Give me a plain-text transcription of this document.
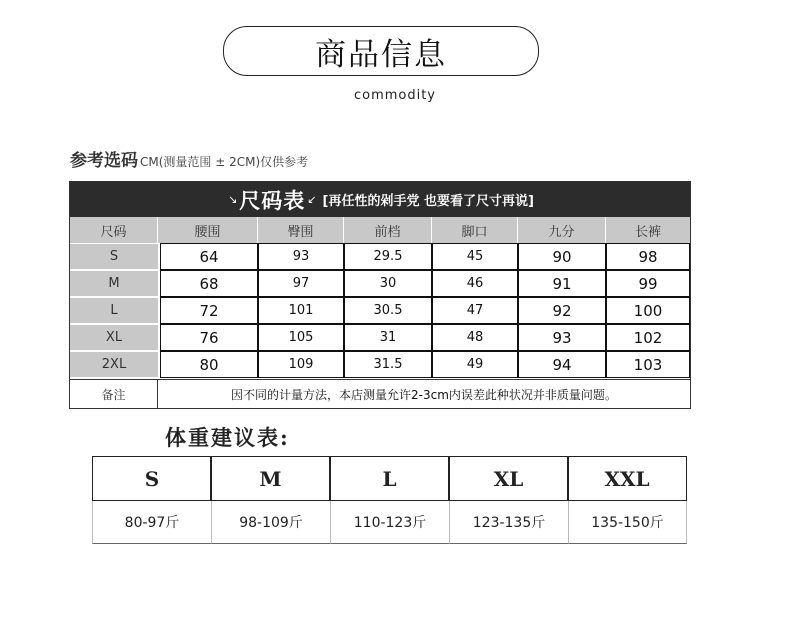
商品信息
commodity
参考选码 CM(测量范围 ± 2CM)仅供参考
↘ 尺码表 ↙ [再任性的剁手党 也要看了尺寸再说]
尺码	腰围	臀围	前档	脚口	九分	长裤
S	64	93	29.5	45	90	98
M	68	97	30	46	91	99
L	72	101	30.5	47	92	100
XL	76	105	31	48	93	102
2XL	80	109	31.5	49	94	103
备注	因不同的计量方法，本店测量允许2-3cm内误差此种状况并非质量问题。
体重建议表:
S	M	L	XL	XXL
80-97斤	98-109斤	110-123斤	123-135斤	135-150斤
